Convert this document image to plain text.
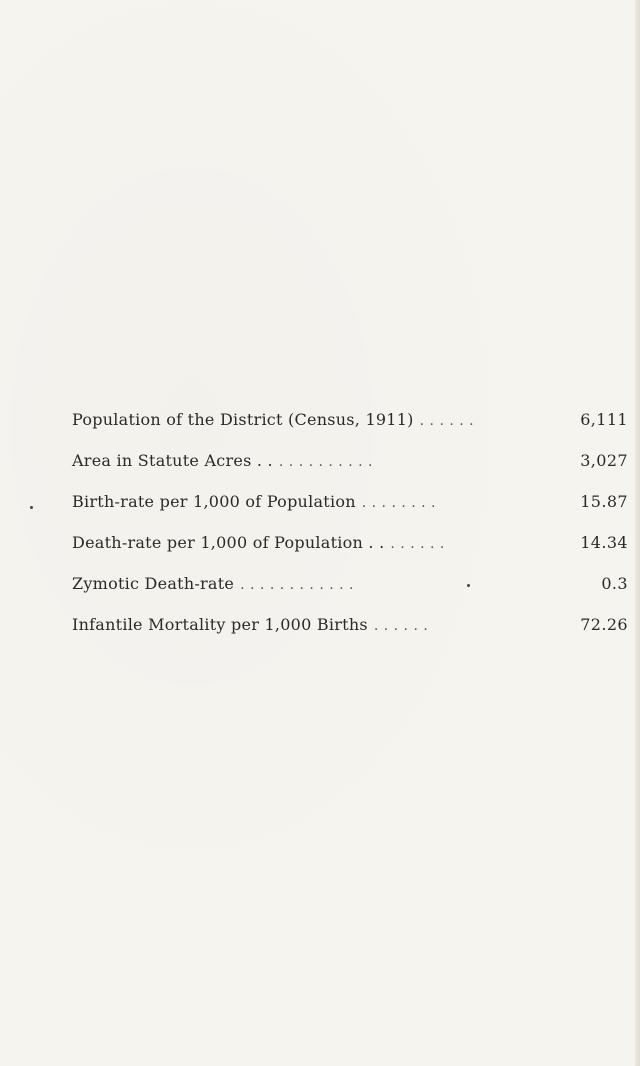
Population of the District (Census, 1911) . . . . . .	6,111
Area in Statute Acres . . . . . . . . . . . .	3,027
Birth-rate per 1,000 of Population . . . . . . . .	15.87
Death-rate per 1,000 of Population . . . . . . . .	14.34
Zymotic Death-rate . . . . . . . . . . . .	0.3
Infantile Mortality per 1,000 Births . . . . . .	72.26
